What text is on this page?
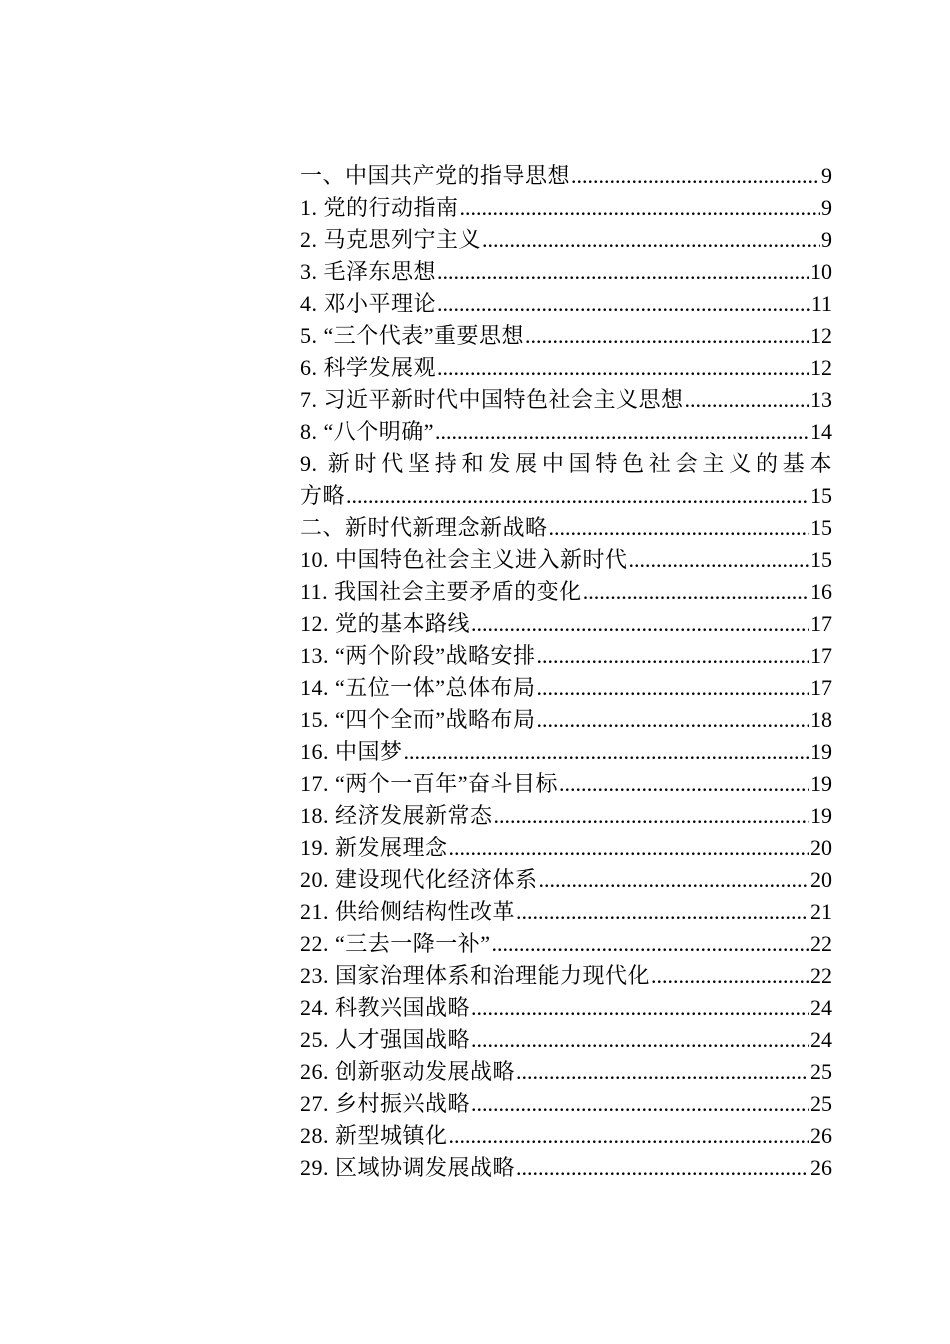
一、中国共产党的指导思想 .....	9
1. 党的行动指南 .....	9
2. 马克思列宁主义 .....	9
3. 毛泽东思想 .....	10
4. 邓小平理论 .....	11
5. “三个代表”重要思想 .....	12
6. 科学发展观 .....	12
7. 习近平新时代中国特色社会主义思想 .....	13
8. “八个明确” .....	14
9. 新时代坚持和发展中国特色社会主义的基本
方略 .....	15
二、新时代新理念新战略 .....	15
10. 中国特色社会主义进入新时代 .....	15
11. 我国社会主要矛盾的变化 .....	16
12. 党的基本路线 .....	17
13. “两个阶段”战略安排 .....	17
14. “五位一体”总体布局 .....	17
15. “四个全而”战略布局 .....	18
16. 中国梦 .....	19
17. “两个一百年”奋斗目标 .....	19
18. 经济发展新常态 .....	19
19. 新发展理念 .....	20
20. 建设现代化经济体系 .....	20
21. 供给侧结构性改革 .....	21
22. “三去一降一补” .....	22
23. 国家治理体系和治理能力现代化 .....	22
24. 科教兴国战略 .....	24
25. 人才强国战略 .....	24
26. 创新驱动发展战略 .....	25
27. 乡村振兴战略 .....	25
28. 新型城镇化 .....	26
29. 区域协调发展战略 .....	26
